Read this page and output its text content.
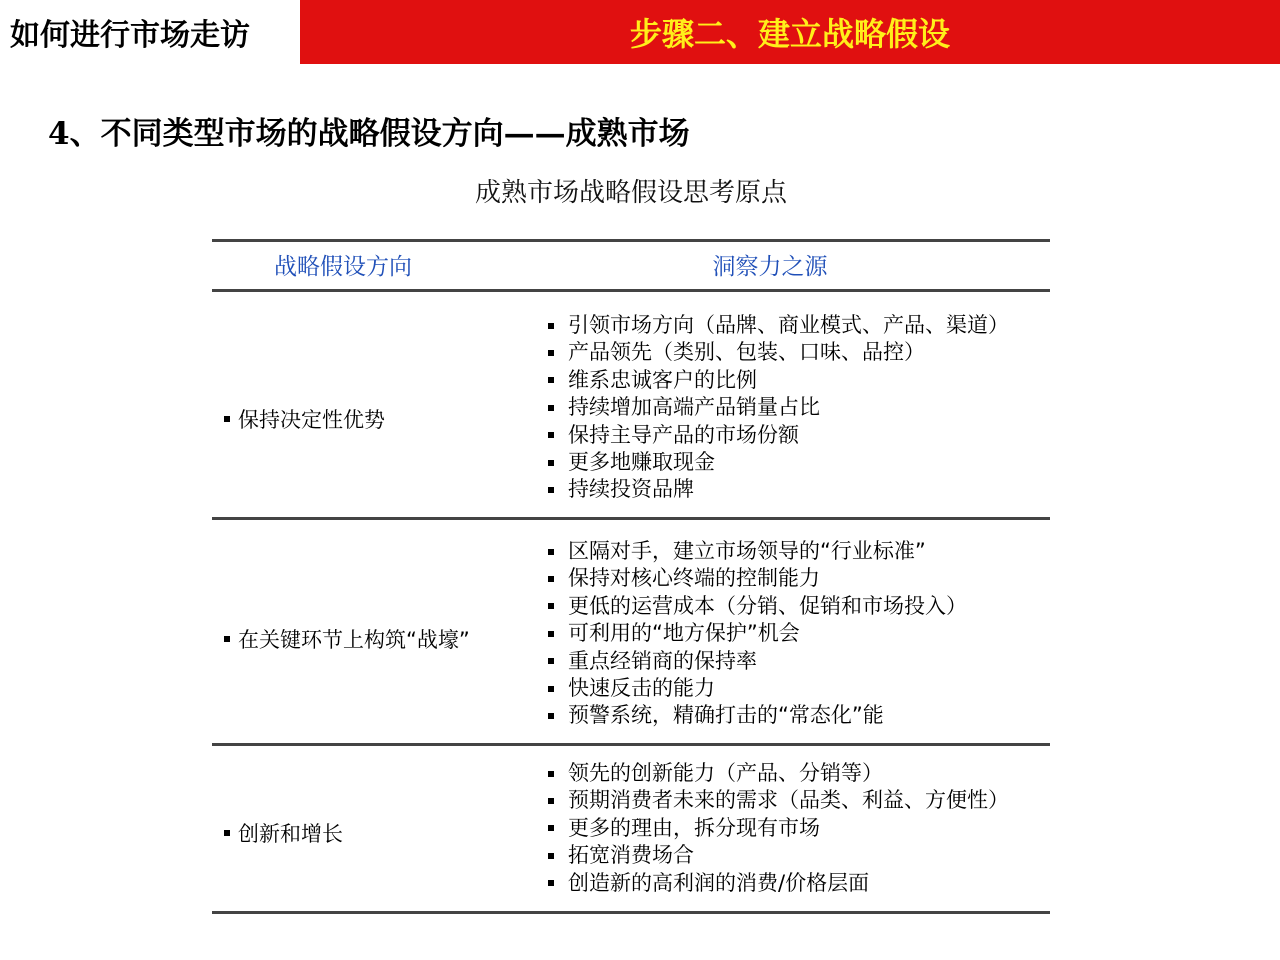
如何进行市场走访	步骤二、建立战略假设
4、不同类型市场的战略假设方向——成熟市场
成熟市场战略假设思考原点
战略假设方向	洞察力之源
保持决定性优势
引领市场方向（品牌、商业模式、产品、渠道）
产品领先（类别、包装、口味、品控）
维系忠诚客户的比例
持续增加高端产品销量占比
保持主导产品的市场份额
更多地赚取现金
持续投资品牌
在关键环节上构筑“战壕”
区隔对手，建立市场领导的“行业标准”
保持对核心终端的控制能力
更低的运营成本（分销、促销和市场投入）
可利用的“地方保护”机会
重点经销商的保持率
快速反击的能力
预警系统，精确打击的“常态化”能
创新和增长
领先的创新能力（产品、分销等）
预期消费者未来的需求（品类、利益、方便性）
更多的理由，拆分现有市场
拓宽消费场合
创造新的高利润的消费/价格层面
